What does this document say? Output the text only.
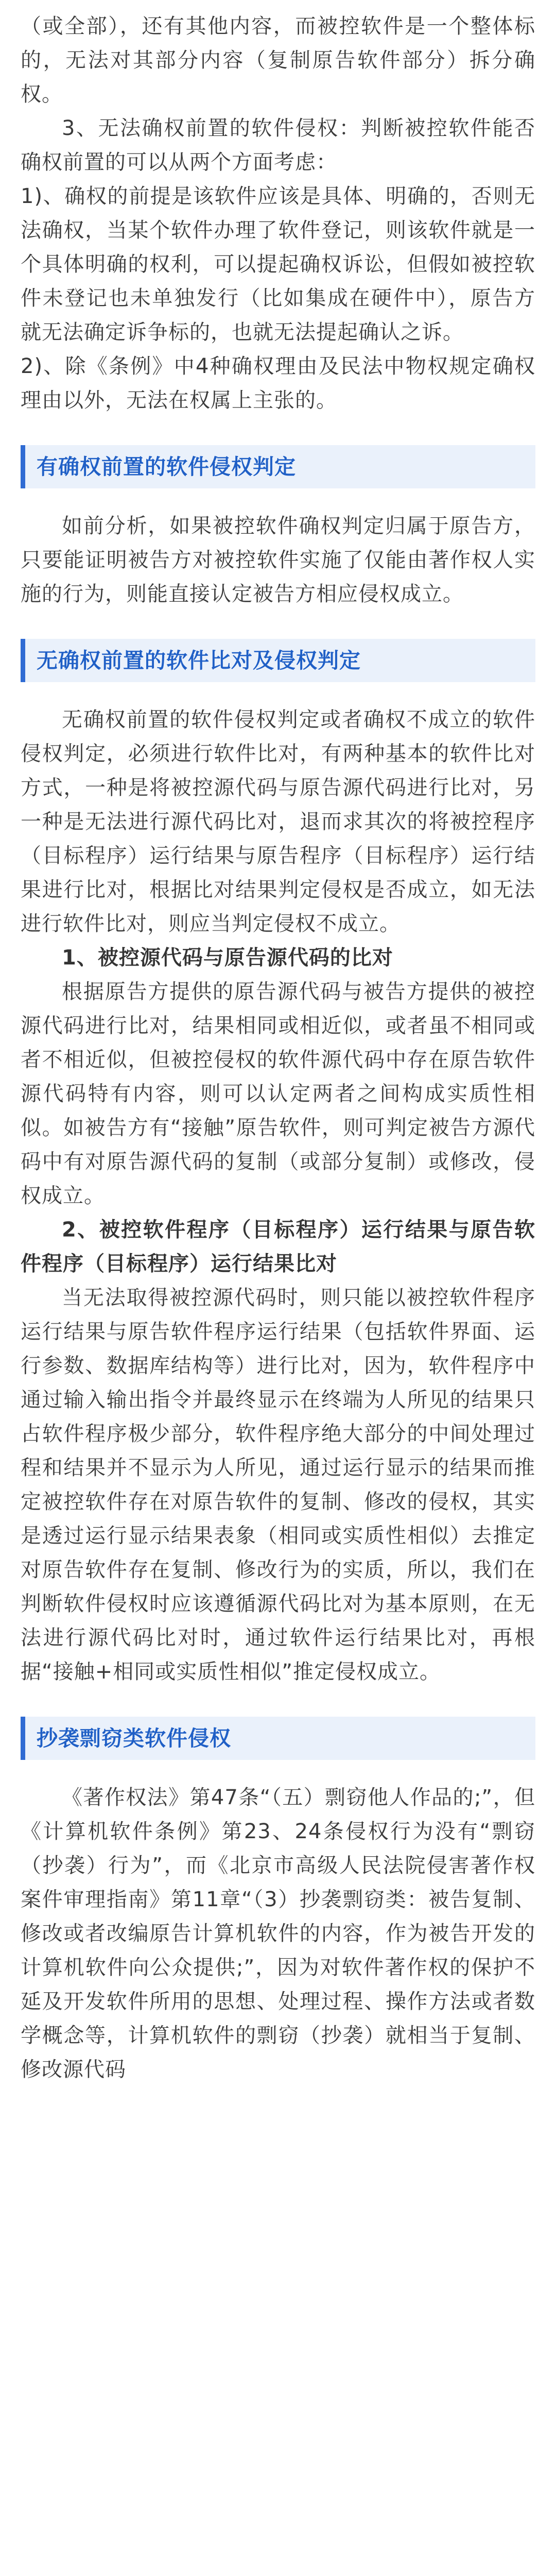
（或全部），还有其他内容，而被控软件是一个整体标的，无法对其部分内容（复制原告软件部分）拆分确权。

3、无法确权前置的软件侵权：判断被控软件能否确权前置的可以从两个方面考虑：

1)、确权的前提是该软件应该是具体、明确的，否则无法确权，当某个软件办理了软件登记，则该软件就是一个具体明确的权利，可以提起确权诉讼，但假如被控软件未登记也未单独发行（比如集成在硬件中），原告方就无法确定诉争标的，也就无法提起确认之诉。

2)、除《条例》中4种确权理由及民法中物权规定确权理由以外，无法在权属上主张的。

有确权前置的软件侵权判定

如前分析，如果被控软件确权判定归属于原告方，只要能证明被告方对被控软件实施了仅能由著作权人实施的行为，则能直接认定被告方相应侵权成立。

无确权前置的软件比对及侵权判定

无确权前置的软件侵权判定或者确权不成立的软件侵权判定，必须进行软件比对，有两种基本的软件比对方式，一种是将被控源代码与原告源代码进行比对，另一种是无法进行源代码比对，退而求其次的将被控程序（目标程序）运行结果与原告程序（目标程序）运行结果进行比对，根据比对结果判定侵权是否成立，如无法进行软件比对，则应当判定侵权不成立。

1、被控源代码与原告源代码的比对

根据原告方提供的原告源代码与被告方提供的被控源代码进行比对，结果相同或相近似，或者虽不相同或者不相近似，但被控侵权的软件源代码中存在原告软件源代码特有内容，则可以认定两者之间构成实质性相似。如被告方有“接触”原告软件，则可判定被告方源代码中有对原告源代码的复制（或部分复制）或修改，侵权成立。

2、被控软件程序（目标程序）运行结果与原告软件程序（目标程序）运行结果比对

当无法取得被控源代码时，则只能以被控软件程序运行结果与原告软件程序运行结果（包括软件界面、运行参数、数据库结构等）进行比对，因为，软件程序中通过输入输出指令并最终显示在终端为人所见的结果只占软件程序极少部分，软件程序绝大部分的中间处理过程和结果并不显示为人所见，通过运行显示的结果而推定被控软件存在对原告软件的复制、修改的侵权，其实是透过运行显示结果表象（相同或实质性相似）去推定对原告软件存在复制、修改行为的实质，所以，我们在判断软件侵权时应该遵循源代码比对为基本原则，在无法进行源代码比对时，通过软件运行结果比对，再根据“接触+相同或实质性相似”推定侵权成立。

抄袭剽窃类软件侵权

《著作权法》第47条“（五）剽窃他人作品的;”，但《计算机软件条例》第23、24条侵权行为没有“剽窃（抄袭）行为”，而《北京市高级人民法院侵害著作权案件审理指南》第11章“（3）抄袭剽窃类：被告复制、修改或者改编原告计算机软件的内容，作为被告开发的计算机软件向公众提供;”，因为对软件著作权的保护不延及开发软件所用的思想、处理过程、操作方法或者数学概念等，计算机软件的剽窃（抄袭）就相当于复制、修改源代码
